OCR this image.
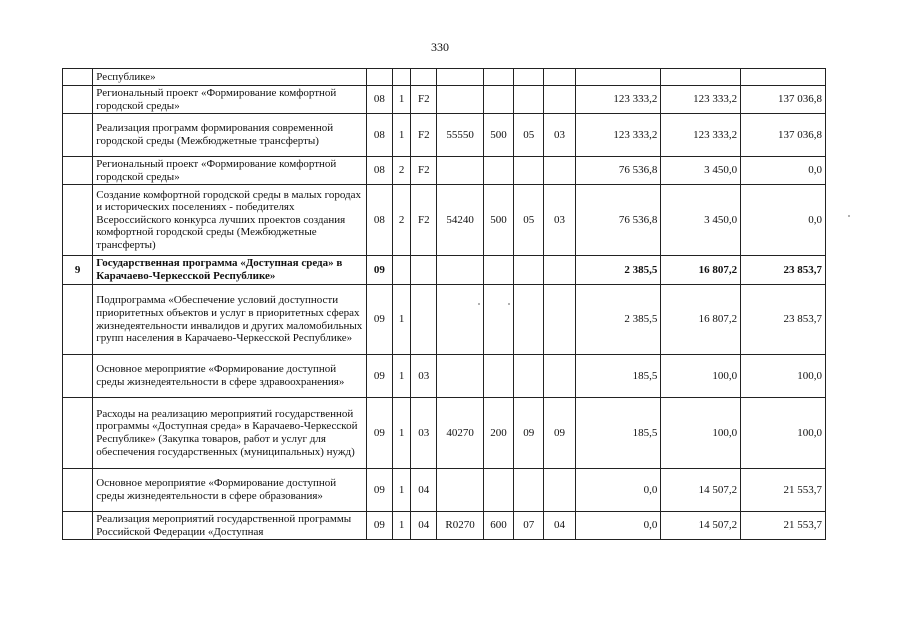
330
	Республике»										
	Региональный проект «Формирование комфортной городской среды»	08	1	F2					123 333,2	123 333,2	137 036,8
	Реализация программ формирования современной городской среды (Межбюджетные трансферты)	08	1	F2	55550	500	05	03	123 333,2	123 333,2	137 036,8
	Региональный проект «Формирование комфортной городской среды»	08	2	F2					76 536,8	3 450,0	0,0
	Создание комфортной городской среды в малых городах и исторических поселениях - победителях Всероссийского конкурса лучших проектов создания комфортной городской среды (Межбюджетные трансферты)	08	2	F2	54240	500	05	03	76 536,8	3 450,0	0,0
9	Государственная программа «Доступная среда» в Карачаево-Черкесской Республике»	09							2 385,5	16 807,2	23 853,7
	Подпрограмма «Обеспечение условий доступности приоритетных объектов и услуг в приоритетных сферах жизнедеятельности инвалидов и других маломобильных групп населения в Карачаево-Черкесской Республике»	09	1						2 385,5	16 807,2	23 853,7
	Основное мероприятие «Формирование доступной среды жизнедеятельности в сфере здравоохранения»	09	1	03					185,5	100,0	100,0
	Расходы на реализацию мероприятий государственной программы «Доступная среда» в Карачаево-Черкесской Республике» (Закупка товаров, работ и услуг для обеспечения государственных (муниципальных) нужд)	09	1	03	40270	200	09	09	185,5	100,0	100,0
	Основное мероприятие «Формирование доступной среды жизнедеятельности в сфере образования»	09	1	04					0,0	14 507,2	21 553,7
	Реализация мероприятий государственной программы Российской Федерации «Доступная	09	1	04	R0270	600	07	04	0,0	14 507,2	21 553,7
